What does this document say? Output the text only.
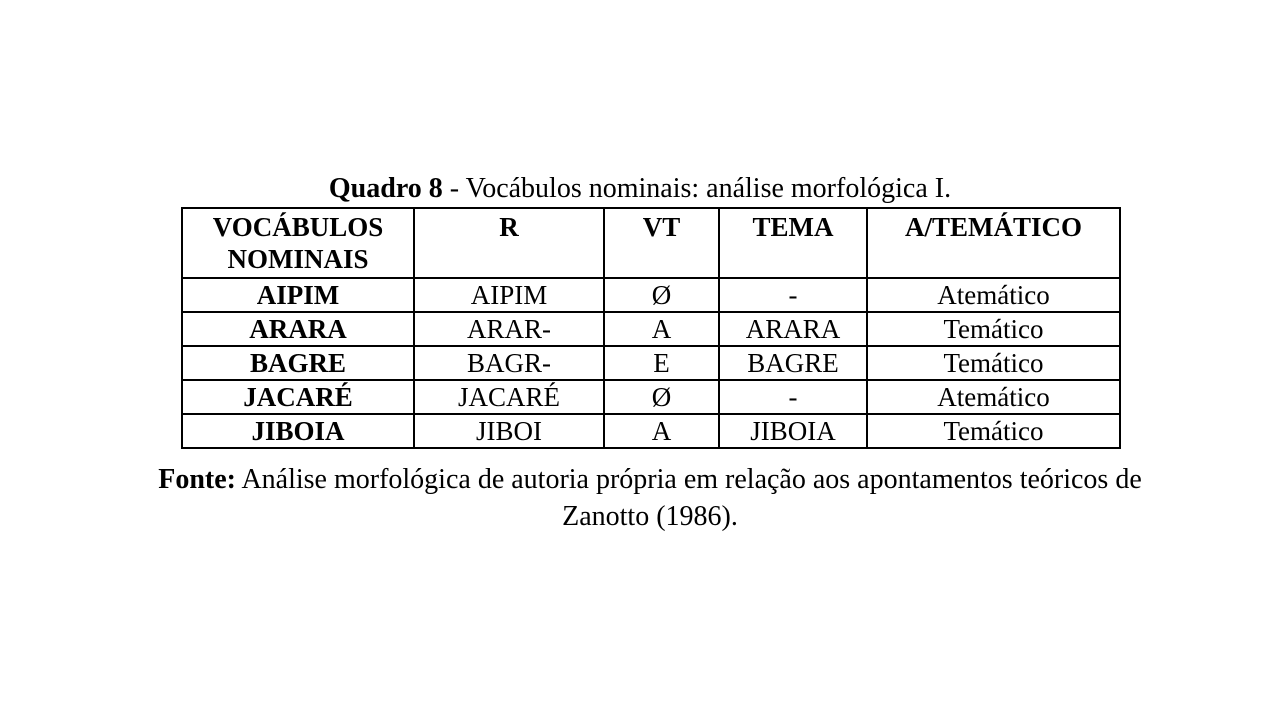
Quadro 8 - Vocábulos nominais: análise morfológica I.
VOCÁBULOS
NOMINAIS	R	VT	TEMA	A/TEMÁTICO
AIPIM	AIPIM	Ø	-	Atemático
ARARA	ARAR-	A	ARARA	Temático
BAGRE	BAGR-	E	BAGRE	Temático
JACARÉ	JACARÉ	Ø	-	Atemático
JIBOIA	JIBOI	A	JIBOIA	Temático
Fonte: Análise morfológica de autoria própria em relação aos apontamentos teóricos de
Zanotto (1986).
